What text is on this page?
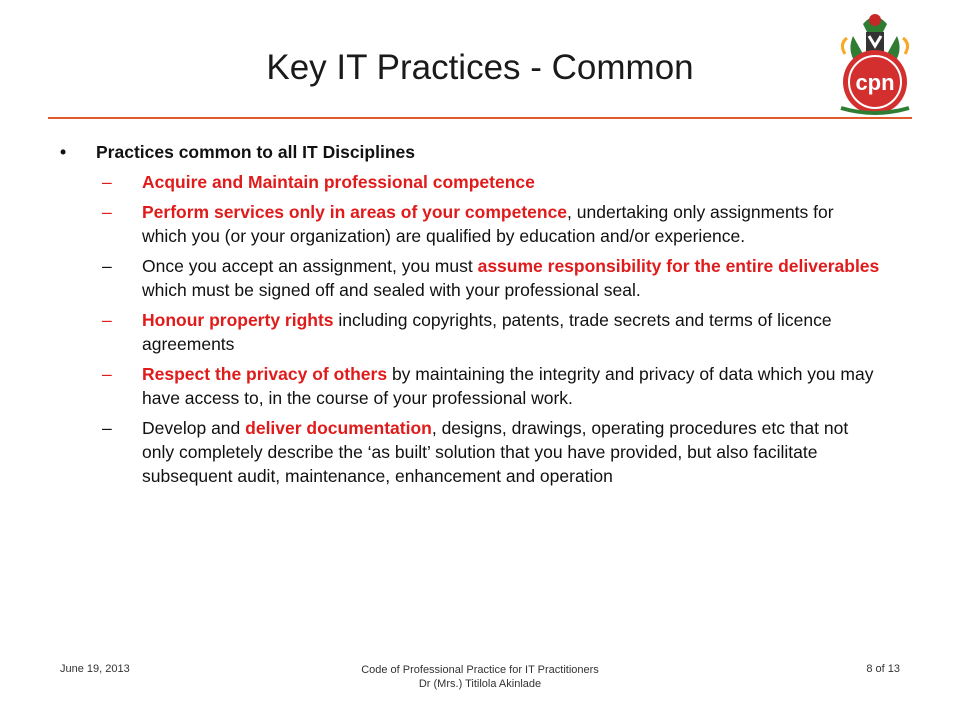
Key IT Practices - Common	cpn
•	Practices common to all IT Disciplines
–	Acquire and Maintain professional competence
–	Perform services only in areas of your competence, undertaking only assignments for which you (or your organization) are qualified by education and/or experience.
–	Once you accept an assignment, you must assume responsibility for the entire deliverables which must be signed off and sealed with your professional seal.
–	Honour property rights including copyrights, patents, trade secrets and terms of licence agreements
–	Respect the privacy of others by maintaining the integrity and privacy of data which you may have access to, in the course of your professional work.
–	Develop and deliver documentation, designs, drawings, operating procedures etc that not only completely describe the ‘as built’ solution that you have provided, but also facilitate subsequent audit, maintenance, enhancement and operation
June 19, 2013	Code of Professional Practice for IT Practitioners
Dr (Mrs.) Titilola Akinlade
8 of 13
